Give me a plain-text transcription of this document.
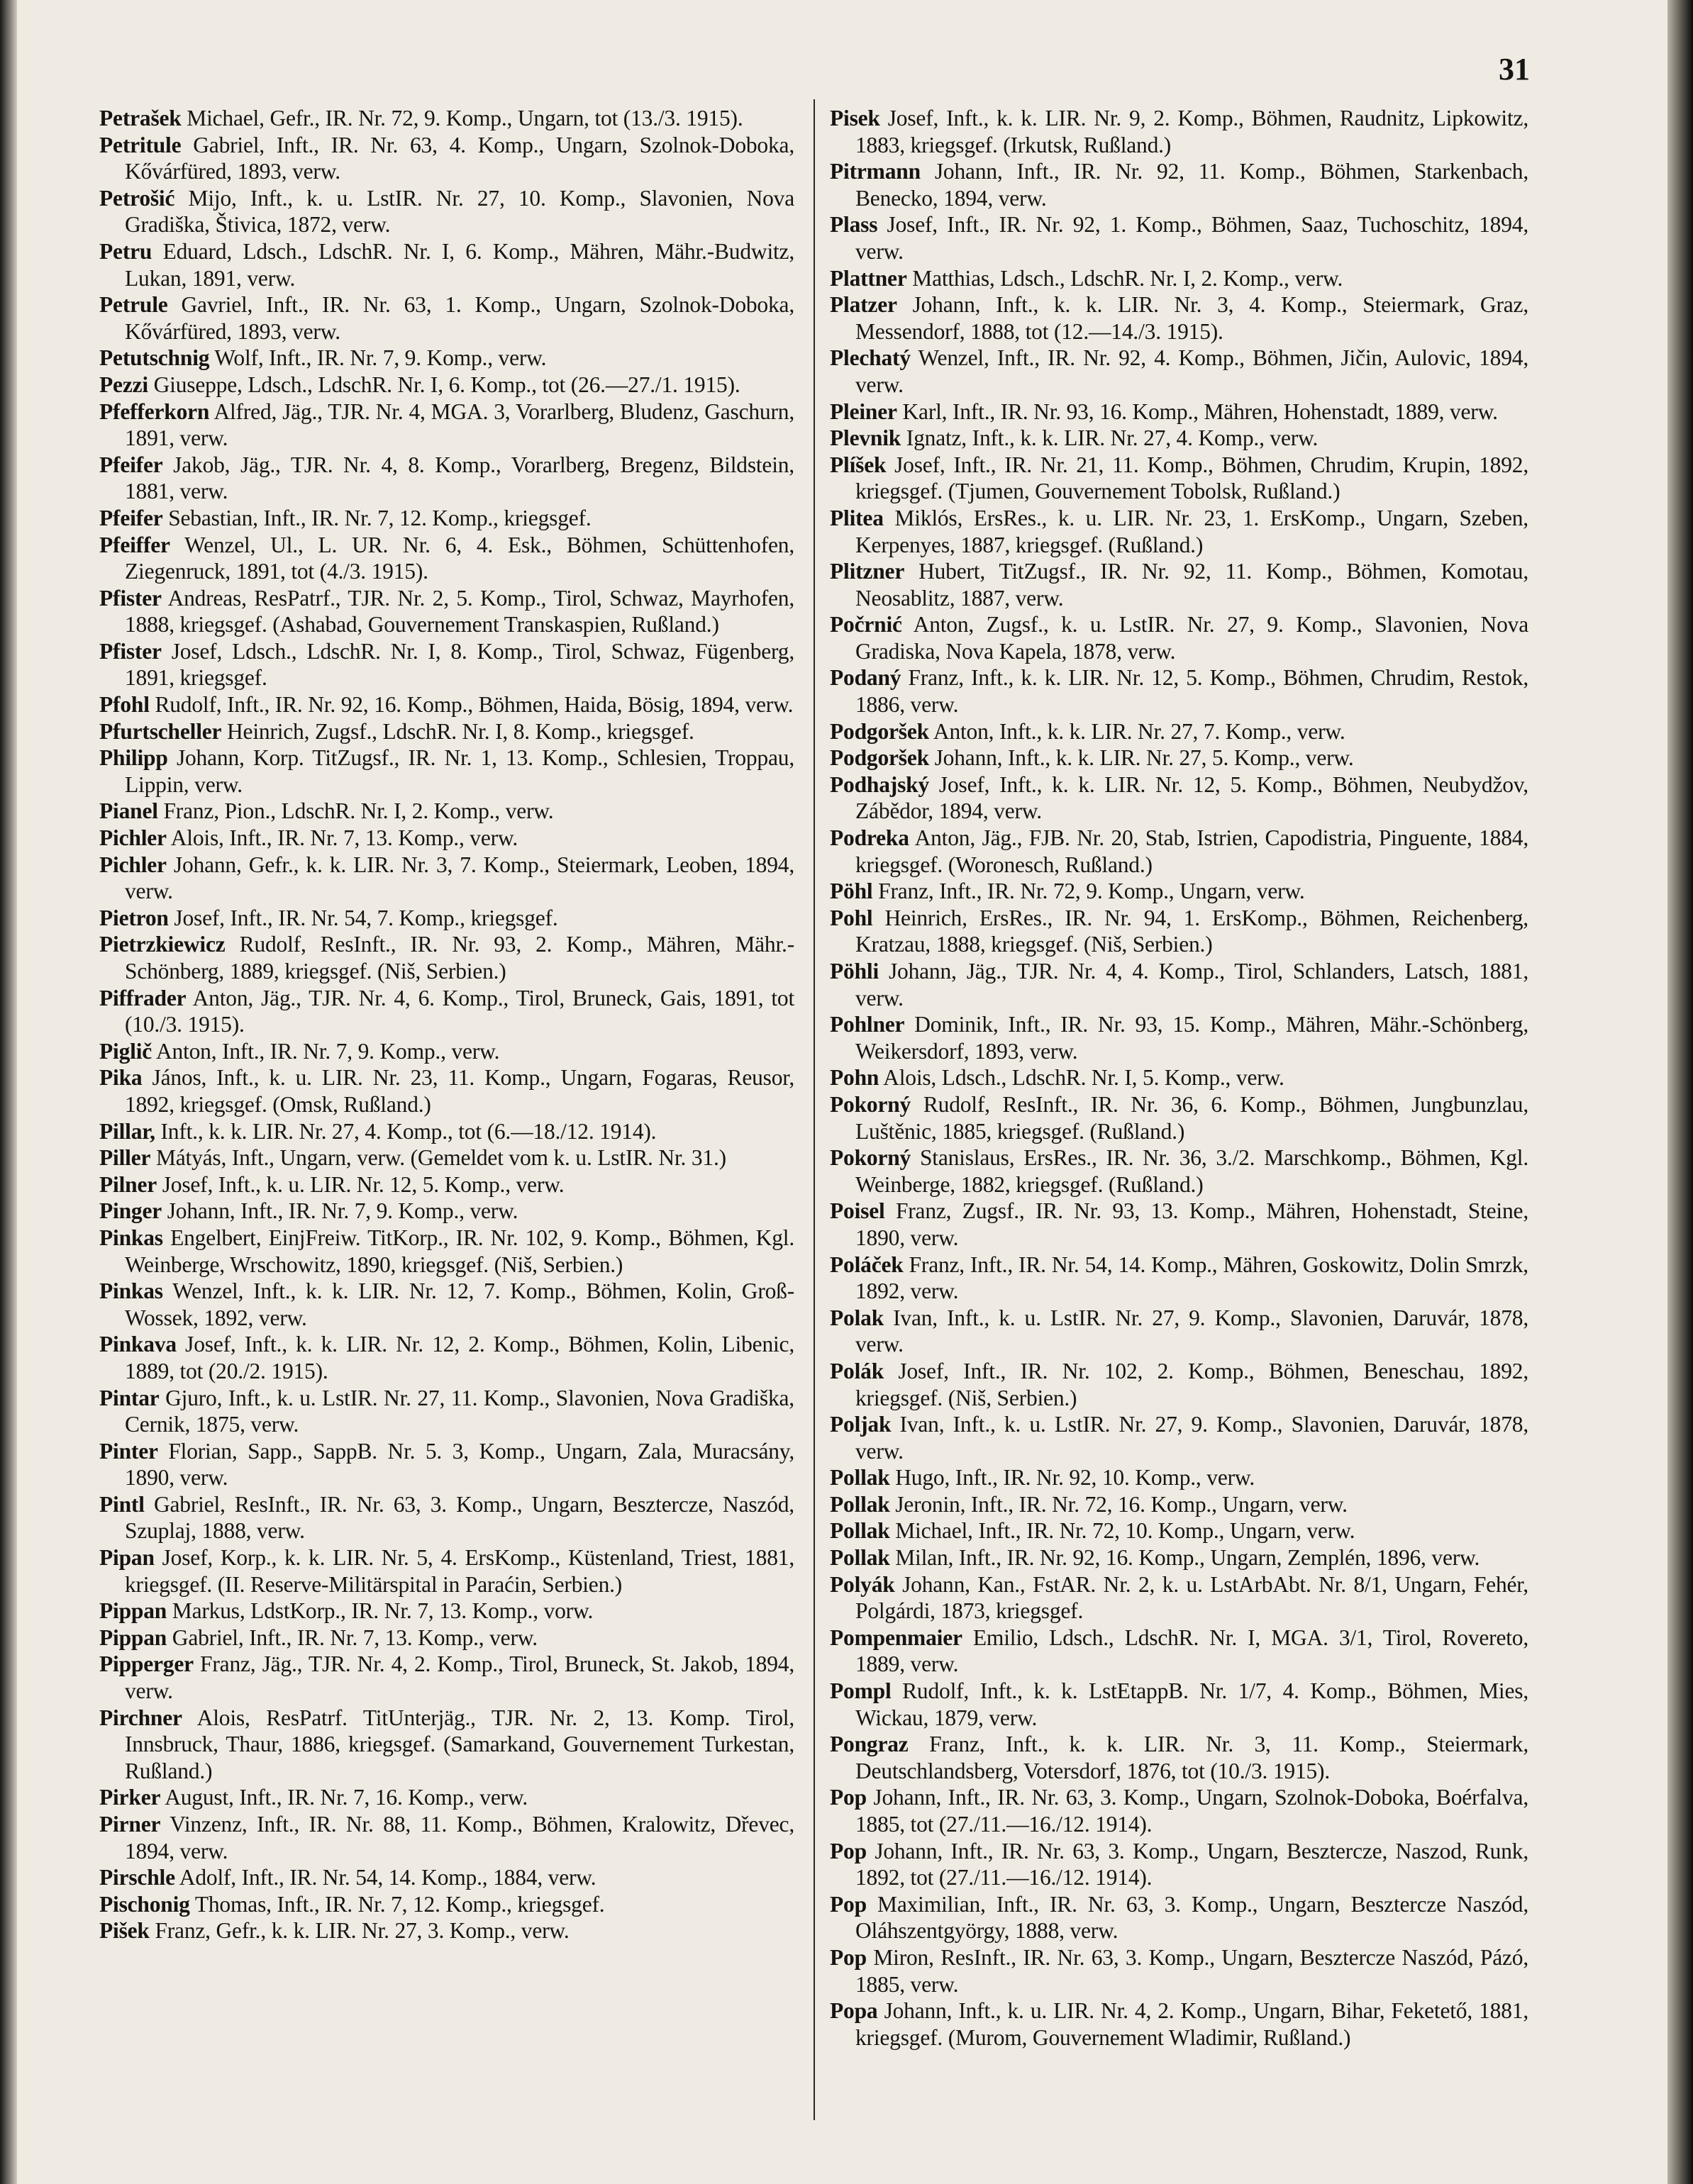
31

Petrašek Michael, Gefr., IR. Nr. 72, 9. Komp., Ungarn, tot (13./3. 1915).

Petritule Gabriel, Inft., IR. Nr. 63, 4. Komp., Ungarn, Szolnok-Doboka, Kővárfüred, 1893, verw.

Petrošić Mijo, Inft., k. u. LstIR. Nr. 27, 10. Komp., Slavonien, Nova Gradiška, Štivica, 1872, verw.

Petru Eduard, Ldsch., LdschR. Nr. I, 6. Komp., Mähren, Mähr.-Budwitz, Lukan, 1891, verw.

Petrule Gavriel, Inft., IR. Nr. 63, 1. Komp., Ungarn, Szolnok-Doboka, Kővárfüred, 1893, verw.

Petutschnig Wolf, Inft., IR. Nr. 7, 9. Komp., verw.

Pezzi Giuseppe, Ldsch., LdschR. Nr. I, 6. Komp., tot (26.—27./1. 1915).

Pfefferkorn Alfred, Jäg., TJR. Nr. 4, MGA. 3, Vorarlberg, Bludenz, Gaschurn, 1891, verw.

Pfeifer Jakob, Jäg., TJR. Nr. 4, 8. Komp., Vorarlberg, Bregenz, Bildstein, 1881, verw.

Pfeifer Sebastian, Inft., IR. Nr. 7, 12. Komp., kriegsgef.

Pfeiffer Wenzel, Ul., L. UR. Nr. 6, 4. Esk., Böhmen, Schüttenhofen, Ziegenruck, 1891, tot (4./3. 1915).

Pfister Andreas, ResPatrf., TJR. Nr. 2, 5. Komp., Tirol, Schwaz, Mayrhofen, 1888, kriegsgef. (Ashabad, Gouvernement Transkaspien, Rußland.)

Pfister Josef, Ldsch., LdschR. Nr. I, 8. Komp., Tirol, Schwaz, Fügenberg, 1891, kriegsgef.

Pfohl Rudolf, Inft., IR. Nr. 92, 16. Komp., Böhmen, Haida, Bösig, 1894, verw.

Pfurtscheller Heinrich, Zugsf., LdschR. Nr. I, 8. Komp., kriegsgef.

Philipp Johann, Korp. TitZugsf., IR. Nr. 1, 13. Komp., Schlesien, Troppau, Lippin, verw.

Pianel Franz, Pion., LdschR. Nr. I, 2. Komp., verw.

Pichler Alois, Inft., IR. Nr. 7, 13. Komp., verw.

Pichler Johann, Gefr., k. k. LIR. Nr. 3, 7. Komp., Steiermark, Leoben, 1894, verw.

Pietron Josef, Inft., IR. Nr. 54, 7. Komp., kriegsgef.

Pietrzkiewicz Rudolf, ResInft., IR. Nr. 93, 2. Komp., Mähren, Mähr.-Schönberg, 1889, kriegsgef. (Niš, Serbien.)

Piffrader Anton, Jäg., TJR. Nr. 4, 6. Komp., Tirol, Bruneck, Gais, 1891, tot (10./3. 1915).

Piglič Anton, Inft., IR. Nr. 7, 9. Komp., verw.

Pika János, Inft., k. u. LIR. Nr. 23, 11. Komp., Ungarn, Fogaras, Reusor, 1892, kriegsgef. (Omsk, Rußland.)

Pillar, Inft., k. k. LIR. Nr. 27, 4. Komp., tot (6.—18./12. 1914).

Piller Mátyás, Inft., Ungarn, verw. (Gemeldet vom k. u. LstIR. Nr. 31.)

Pilner Josef, Inft., k. u. LIR. Nr. 12, 5. Komp., verw.

Pinger Johann, Inft., IR. Nr. 7, 9. Komp., verw.

Pinkas Engelbert, EinjFreiw. TitKorp., IR. Nr. 102, 9. Komp., Böhmen, Kgl. Weinberge, Wrschowitz, 1890, kriegsgef. (Niš, Serbien.)

Pinkas Wenzel, Inft., k. k. LIR. Nr. 12, 7. Komp., Böhmen, Kolin, Groß-Wossek, 1892, verw.

Pinkava Josef, Inft., k. k. LIR. Nr. 12, 2. Komp., Böhmen, Kolin, Libenic, 1889, tot (20./2. 1915).

Pintar Gjuro, Inft., k. u. LstIR. Nr. 27, 11. Komp., Slavonien, Nova Gradiška, Cernik, 1875, verw.

Pinter Florian, Sapp., SappB. Nr. 5. 3, Komp., Ungarn, Zala, Muracsány, 1890, verw.

Pintl Gabriel, ResInft., IR. Nr. 63, 3. Komp., Ungarn, Beszterczе, Naszód, Szuplaj, 1888, verw.

Pipan Josef, Korp., k. k. LIR. Nr. 5, 4. ErsKomp., Küstenland, Triest, 1881, kriegsgef. (II. Reserve-Militärspital in Paraćin, Serbien.)

Pippan Markus, LdstKorp., IR. Nr. 7, 13. Komp., vorw.

Pippan Gabriel, Inft., IR. Nr. 7, 13. Komp., verw.

Pipperger Franz, Jäg., TJR. Nr. 4, 2. Komp., Tirol, Bruneck, St. Jakob, 1894, verw.

Pirchner Alois, ResPatrf. TitUnterjäg., TJR. Nr. 2, 13. Komp. Tirol, Innsbruck, Thaur, 1886, kriegsgef. (Samarkand, Gouvernement Turkestan, Rußland.)

Pirker August, Inft., IR. Nr. 7, 16. Komp., verw.

Pirner Vinzenz, Inft., IR. Nr. 88, 11. Komp., Böhmen, Kralowitz, Dřevec, 1894, verw.

Pirschle Adolf, Inft., IR. Nr. 54, 14. Komp., 1884, verw.

Pischonig Thomas, Inft., IR. Nr. 7, 12. Komp., kriegsgef.

Pišek Franz, Gefr., k. k. LIR. Nr. 27, 3. Komp., verw.

Pisek Josef, Inft., k. k. LIR. Nr. 9, 2. Komp., Böhmen, Raudnitz, Lipkowitz, 1883, kriegsgef. (Irkutsk, Rußland.)

Pitrmann Johann, Inft., IR. Nr. 92, 11. Komp., Böhmen, Starkenbach, Benecko, 1894, verw.

Plass Josef, Inft., IR. Nr. 92, 1. Komp., Böhmen, Saaz, Tuchoschitz, 1894, verw.

Plattner Matthias, Ldsch., LdschR. Nr. I, 2. Komp., verw.

Platzer Johann, Inft., k. k. LIR. Nr. 3, 4. Komp., Steiermark, Graz, Messendorf, 1888, tot (12.—14./3. 1915).

Plechatý Wenzel, Inft., IR. Nr. 92, 4. Komp., Böhmen, Jičin, Aulovic, 1894, verw.

Pleiner Karl, Inft., IR. Nr. 93, 16. Komp., Mähren, Hohenstadt, 1889, verw.

Plevnik Ignatz, Inft., k. k. LIR. Nr. 27, 4. Komp., verw.

Plíšek Josef, Inft., IR. Nr. 21, 11. Komp., Böhmen, Chrudim, Krupin, 1892, kriegsgef. (Tjumen, Gouvernement Tobolsk, Rußland.)

Plitea Miklós, ErsRes., k. u. LIR. Nr. 23, 1. ErsKomp., Ungarn, Szeben, Kerpenyes, 1887, kriegsgef. (Rußland.)

Plitzner Hubert, TitZugsf., IR. Nr. 92, 11. Komp., Böhmen, Komotau, Neosablitz, 1887, verw.

Počrnić Anton, Zugsf., k. u. LstIR. Nr. 27, 9. Komp., Slavonien, Nova Gradiska, Nova Kapela, 1878, verw.

Podaný Franz, Inft., k. k. LIR. Nr. 12, 5. Komp., Böhmen, Chrudim, Restok, 1886, verw.

Podgoršek Anton, Inft., k. k. LIR. Nr. 27, 7. Komp., verw.

Podgoršek Johann, Inft., k. k. LIR. Nr. 27, 5. Komp., verw.

Podhajský Josef, Inft., k. k. LIR. Nr. 12, 5. Komp., Böhmen, Neubydžov, Zábědor, 1894, verw.

Podreka Anton, Jäg., FJB. Nr. 20, Stab, Istrien, Capodistria, Pinguente, 1884, kriegsgef. (Woronesch, Rußland.)

Pöhl Franz, Inft., IR. Nr. 72, 9. Komp., Ungarn, verw.

Pohl Heinrich, ErsRes., IR. Nr. 94, 1. ErsKomp., Böhmen, Reichenberg, Kratzau, 1888, kriegsgef. (Niš, Serbien.)

Pöhli Johann, Jäg., TJR. Nr. 4, 4. Komp., Tirol, Schlanders, Latsch, 1881, verw.

Pohlner Dominik, Inft., IR. Nr. 93, 15. Komp., Mähren, Mähr.-Schönberg, Weikersdorf, 1893, verw.

Pohn Alois, Ldsch., LdschR. Nr. I, 5. Komp., verw.

Pokorný Rudolf, ResInft., IR. Nr. 36, 6. Komp., Böhmen, Jungbunzlau, Luštěnic, 1885, kriegsgef. (Rußland.)

Pokorný Stanislaus, ErsRes., IR. Nr. 36, 3./2. Marschkomp., Böhmen, Kgl. Weinberge, 1882, kriegsgef. (Rußland.)

Poisel Franz, Zugsf., IR. Nr. 93, 13. Komp., Mähren, Hohenstadt, Steine, 1890, verw.

Poláček Franz, Inft., IR. Nr. 54, 14. Komp., Mähren, Goskowitz, Dolin Smrzk, 1892, verw.

Polak Ivan, Inft., k. u. LstIR. Nr. 27, 9. Komp., Slavonien, Daruvár, 1878, verw.

Polák Josef, Inft., IR. Nr. 102, 2. Komp., Böhmen, Beneschau, 1892, kriegsgef. (Niš, Serbien.)

Poljak Ivan, Inft., k. u. LstIR. Nr. 27, 9. Komp., Slavonien, Daruvár, 1878, verw.

Pollak Hugo, Inft., IR. Nr. 92, 10. Komp., verw.

Pollak Jeronin, Inft., IR. Nr. 72, 16. Komp., Ungarn, verw.

Pollak Michael, Inft., IR. Nr. 72, 10. Komp., Ungarn, verw.

Pollak Milan, Inft., IR. Nr. 92, 16. Komp., Ungarn, Zemplén, 1896, verw.

Polyák Johann, Kan., FstAR. Nr. 2, k. u. LstArbAbt. Nr. 8/1, Ungarn, Fehér, Polgárdi, 1873, kriegsgef.

Pompenmaier Emilio, Ldsch., LdschR. Nr. I, MGA. 3/1, Tirol, Rovereto, 1889, verw.

Pompl Rudolf, Inft., k. k. LstEtappB. Nr. 1/7, 4. Komp., Böhmen, Mies, Wickau, 1879, verw.

Pongraz Franz, Inft., k. k. LIR. Nr. 3, 11. Komp., Steiermark, Deutschlandsberg, Votersdorf, 1876, tot (10./3. 1915).

Pop Johann, Inft., IR. Nr. 63, 3. Komp., Ungarn, Szolnok-Doboka, Boérfalva, 1885, tot (27./11.—16./12. 1914).

Pop Johann, Inft., IR. Nr. 63, 3. Komp., Ungarn, Besztercze, Naszod, Runk, 1892, tot (27./11.—16./12. 1914).

Pop Maximilian, Inft., IR. Nr. 63, 3. Komp., Ungarn, Besztercze Naszód, Oláhszentgyörgy, 1888, verw.

Pop Miron, ResInft., IR. Nr. 63, 3. Komp., Ungarn, Besztercze Naszód, Pázó, 1885, verw.

Popa Johann, Inft., k. u. LIR. Nr. 4, 2. Komp., Ungarn, Bihar, Feketető, 1881, kriegsgef. (Murom, Gouvernement Wladimir, Rußland.)
